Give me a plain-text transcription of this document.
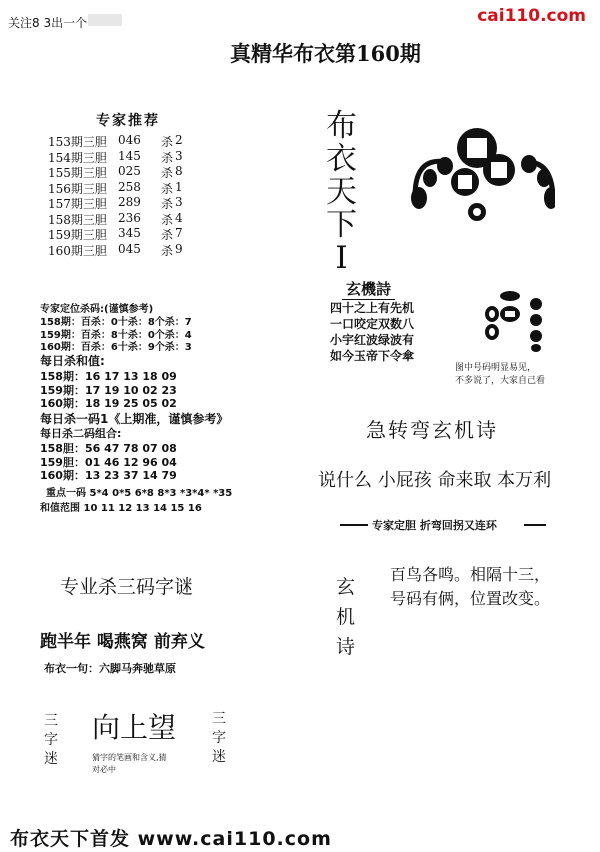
关注8 3出一个	cai110.com
真精华布衣第160期
专家推荐
153期三胆 046 杀 2
154期三胆 145 杀 3
155期三胆 025 杀 8
156期三胆 258 杀 1
157期三胆 289 杀 3
158期三胆 236 杀 4
159期三胆 345 杀 7
160期三胆 045 杀 9
布
衣
天
下
I
玄機詩
四十之上有先机
一口咬定双数八
小宇红波绿波有
如今玉帝下令傘
图中号码明显易见，
不多说了，大家自己看
专家定位杀码:(谨慎参考)
158期：百杀：0十杀：8个杀：7
159期：百杀：8十杀：0个杀：4
160期：百杀：6十杀：9个杀：3
每日杀和值:
158期：16 17 13 18 09
159期：17 19 10 02 23
160期：18 19 25 05 02
每日杀一码1《上期准，谨慎参考》
每日杀二码组合:
158胆：56 47 78 07 08
159胆：01 46 12 96 04
160期：13 23 37 14 79
重点一码 5*4 0*5 6*8 8*3 *3*4* *35
和值范围 10 11 12 13 14 15 16
急转弯玄机诗
说什么 小屁孩 命来取 本万利
专家定胆 折弯回拐又连环
玄
机
诗
百鸟各鸣。相隔十三，
号码有俩，位置改变。
专业杀三码字谜
跑半年 喝燕窝 前弃义
布衣一句：六脚马奔驰草原
三
字
迷
向上望
猜字的笔画和含义,猜
对必中
三
字
迷
布衣天下首发 www.cai110.com
